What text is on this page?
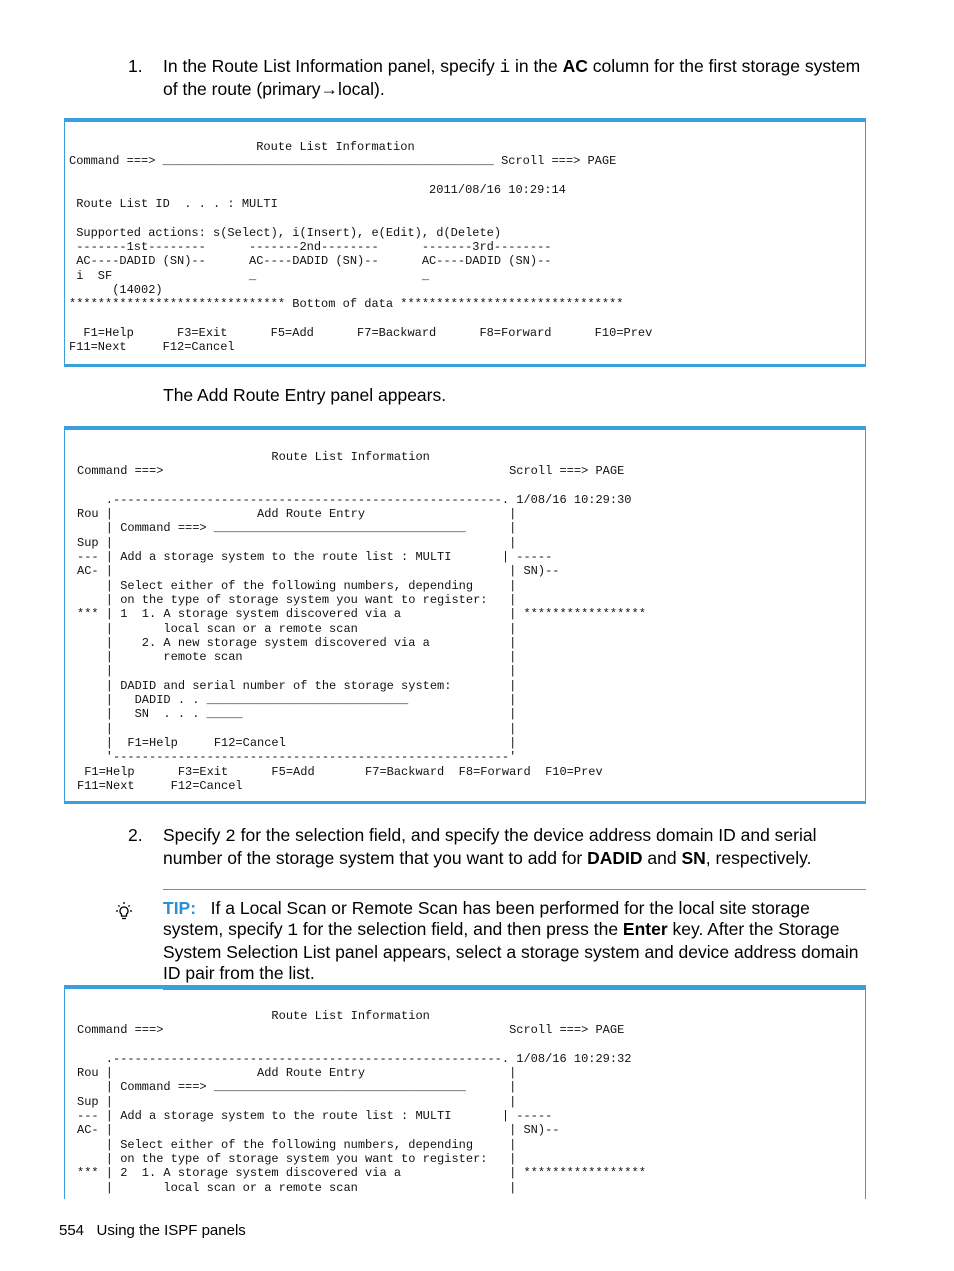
1. In the Route List Information panel, specify i in the AC column for the first storage system of the route (primary→local).
Route List Information
Command ===> ______________________________________________ Scroll ===> PAGE

2011/08/16 10:29:14
Route List ID  . . . : MULTI

Supported actions: s(Select), i(Insert), e(Edit), d(Delete)
-------1st--------      -------2nd--------      -------3rd--------
AC----DADID (SN)--      AC----DADID (SN)--      AC----DADID (SN)--
i  SF                   _                       _
(14002)
****************************** Bottom of data *******************************

F1=Help      F3=Exit      F5=Add      F7=Backward      F8=Forward      F10=Prev
F11=Next     F12=Cancel
The Add Route Entry panel appears.
Route List Information
Command ===>                                                Scroll ===> PAGE

.------------------------------------------------------. 1/08/16 10:29:30
Rou |                    Add Route Entry                    |
| Command ===> ___________________________________      |
Sup |                                                       |
--- | Add a storage system to the route list : MULTI       | -----
AC- |                                                       | SN)--
| Select either of the following numbers, depending     |
| on the type of storage system you want to register:   |
*** | 1  1. A storage system discovered via a               | *****************
|       local scan or a remote scan                     |
|    2. A new storage system discovered via a           |
|       remote scan                                     |
|                                                       |
| DADID and serial number of the storage system:        |
|   DADID . . ____________________________              |
|   SN  . . . _____                                     |
|                                                       |
|  F1=Help     F12=Cancel                               |
'-------------------------------------------------------'
F1=Help      F3=Exit      F5=Add       F7=Backward  F8=Forward  F10=Prev
F11=Next     F12=Cancel
2. Specify 2 for the selection field, and specify the device address domain ID and serial number of the storage system that you want to add for DADID and SN, respectively.
TIP: If a Local Scan or Remote Scan has been performed for the local site storage system, specify 1 for the selection field, and then press the Enter key. After the Storage System Selection List panel appears, select a storage system and device address domain ID pair from the list.
Route List Information
Command ===>                                                Scroll ===> PAGE

.------------------------------------------------------. 1/08/16 10:29:32
Rou |                    Add Route Entry                    |
| Command ===> ___________________________________      |
Sup |                                                       |
--- | Add a storage system to the route list : MULTI       | -----
AC- |                                                       | SN)--
| Select either of the following numbers, depending     |
| on the type of storage system you want to register:   |
*** | 2  1. A storage system discovered via a               | *****************
|       local scan or a remote scan                     |
554 Using the ISPF panels
